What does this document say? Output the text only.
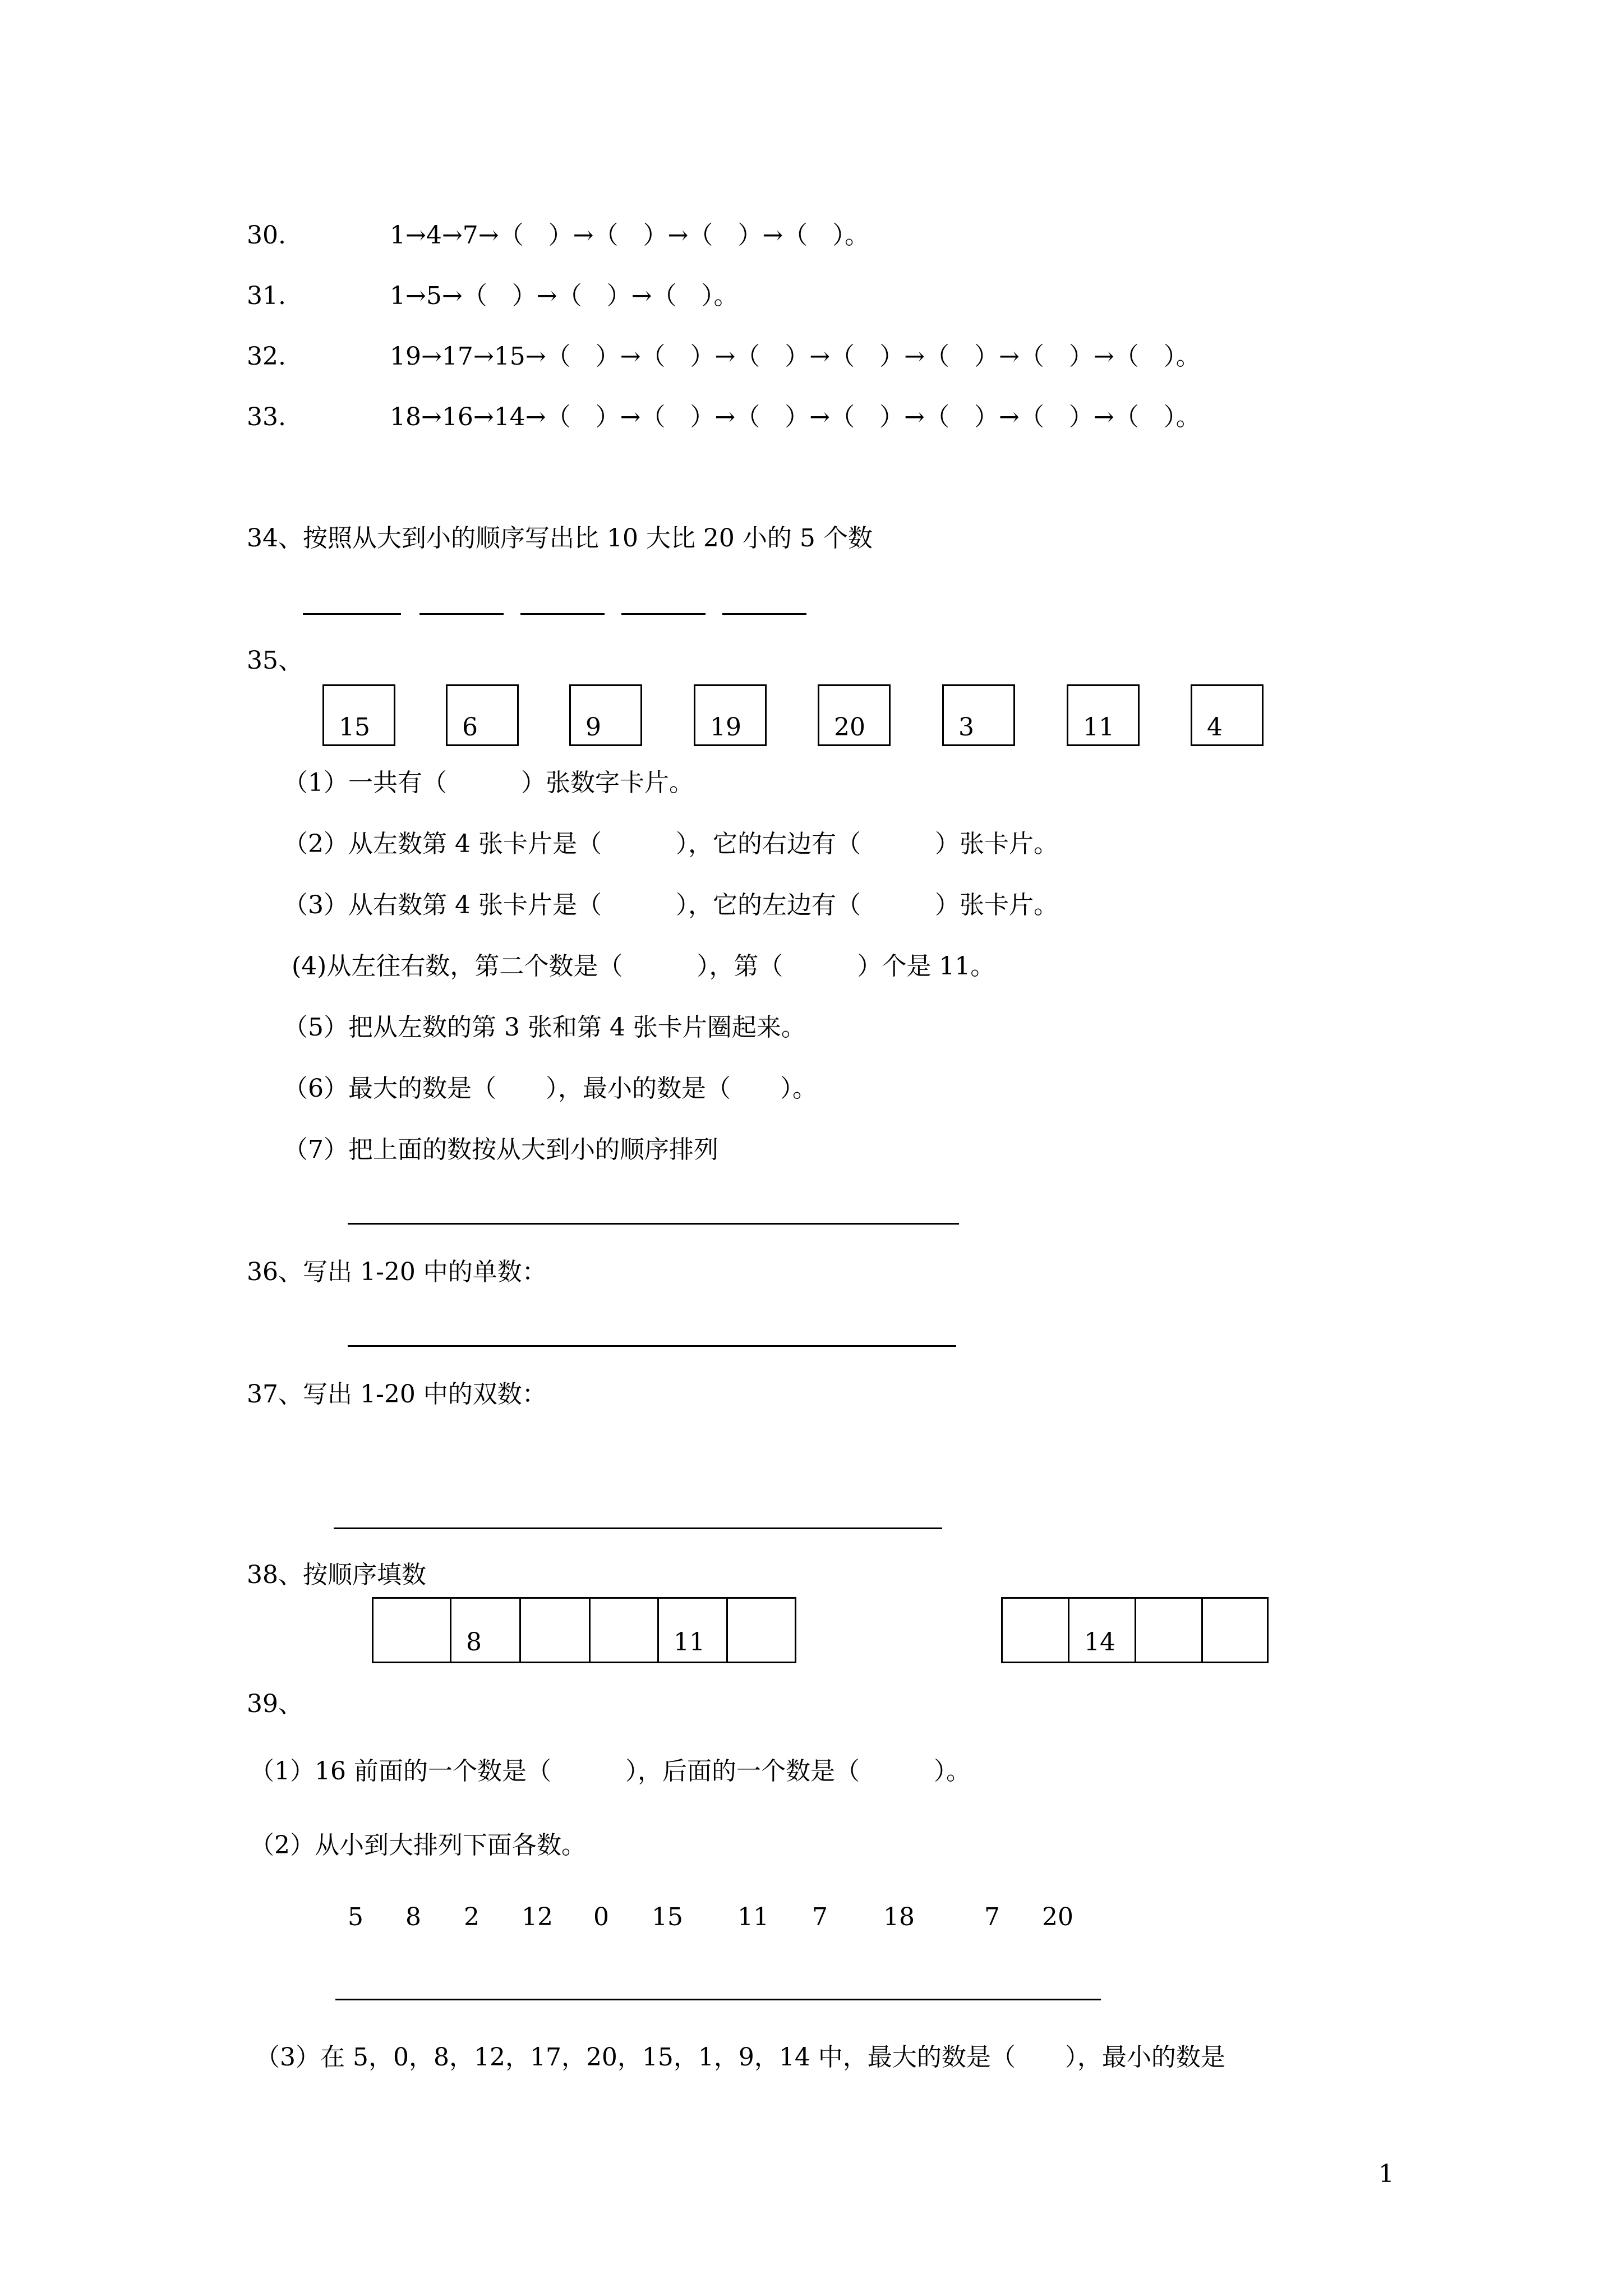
30.	1→4→7→（　）→（　）→（　）→（　）。
31.	1→5→（　）→（　）→（　）。
32.	19→17→15→（　）→（　）→（　）→（　）→（　）→（　）→（　）。
33.	18→16→14→（　）→（　）→（　）→（　）→（　）→（　）→（　）。
34、按照从大到小的顺序写出比 10 大比 20 小的 5 个数
35、
15	6	9	19	20	3	11	4
（1）一共有（　　　）张数字卡片。
（2）从左数第 4 张卡片是（　　　），它的右边有（　　　）张卡片。
（3）从右数第 4 张卡片是（　　　），它的左边有（　　　）张卡片。
(4)从左往右数，第二个数是（　　　），第（　　　）个是 11。
（5）把从左数的第 3 张和第 4 张卡片圈起来。
（6）最大的数是（　　），最小的数是（　　）。
（7）把上面的数按从大到小的顺序排列
36、写出 1-20 中的单数：
37、写出 1-20 中的双数：
38、按顺序填数
8	11	14
39、
（1）16 前面的一个数是（　　　），后面的一个数是（　　　）。
（2）从小到大排列下面各数。
5 8 2 12 0 15 11 7 18	7 20
（3）在 5，0，8，12，17，20，15，1，9，14 中，最大的数是（　　），最小的数是
1
